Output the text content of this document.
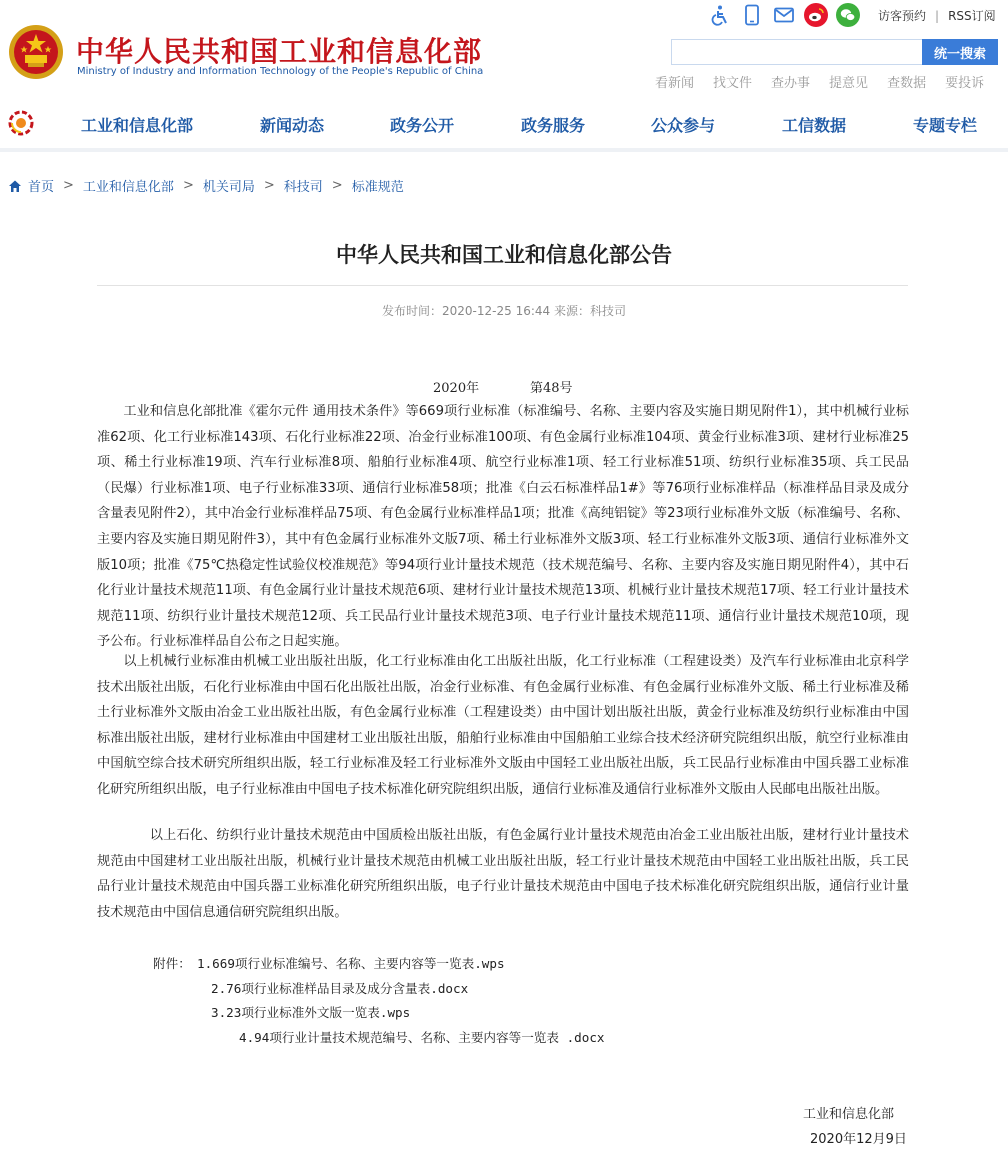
中华人民共和国工业和信息化部
Ministry of Industry and Information Technology of the People's Republic of China
访客预约 | RSS订阅
统一搜索
看新闻 找文件 查办事 提意见 查数据 要投诉
工业和信息化部	新闻动态	政务公开	政务服务	公众参与	工信数据	专题专栏
首页 > 工业和信息化部 > 机关司局 > 科技司 > 标准规范
中华人民共和国工业和信息化部公告
发布时间：2020-12-25 16:44 来源：科技司
2020年	第48号

工业和信息化部批准《霍尔元件 通用技术条件》等669项行业标准（标准编号、名称、主要内容及实施日期见附件1），其中机械行业标准62项、化工行业标准143项、石化行业标准22项、冶金行业标准100项、有色金属行业标准104项、黄金行业标准3项、建材行业标准25项、稀土行业标准19项、汽车行业标准8项、船舶行业标准4项、航空行业标准1项、轻工行业标准51项、纺织行业标准35项、兵工民品（民爆）行业标准1项、电子行业标准33项、通信行业标准58项；批准《白云石标准样品1#》等76项行业标准样品（标准样品目录及成分含量表见附件2），其中冶金行业标准样品75项、有色金属行业标准样品1项；批准《高纯铝锭》等23项行业标准外文版（标准编号、名称、主要内容及实施日期见附件3），其中有色金属行业标准外文版7项、稀土行业标准外文版3项、轻工行业标准外文版3项、通信行业标准外文版10项；批准《75℃热稳定性试验仪校准规范》等94项行业计量技术规范（技术规范编号、名称、主要内容及实施日期见附件4），其中石化行业计量技术规范11项、有色金属行业计量技术规范6项、建材行业计量技术规范13项、机械行业计量技术规范17项、轻工行业计量技术规范11项、纺织行业计量技术规范12项、兵工民品行业计量技术规范3项、电子行业计量技术规范11项、通信行业计量技术规范10项，现予公布。行业标准样品自公布之日起实施。

以上机械行业标准由机械工业出版社出版，化工行业标准由化工出版社出版，化工行业标准（工程建设类）及汽车行业标准由北京科学技术出版社出版，石化行业标准由中国石化出版社出版，冶金行业标准、有色金属行业标准、有色金属行业标准外文版、稀土行业标准及稀土行业标准外文版由冶金工业出版社出版，有色金属行业标准（工程建设类）由中国计划出版社出版，黄金行业标准及纺织行业标准由中国标准出版社出版，建材行业标准由中国建材工业出版社出版，船舶行业标准由中国船舶工业综合技术经济研究院组织出版，航空行业标准由中国航空综合技术研究所组织出版，轻工行业标准及轻工行业标准外文版由中国轻工业出版社出版，兵工民品行业标准由中国兵器工业标准化研究所组织出版，电子行业标准由中国电子技术标准化研究院组织出版，通信行业标准及通信行业标准外文版由人民邮电出版社出版。

以上石化、纺织行业计量技术规范由中国质检出版社出版，有色金属行业计量技术规范由冶金工业出版社出版，建材行业计量技术规范由中国建材工业出版社出版，机械行业计量技术规范由机械工业出版社出版，轻工行业计量技术规范由中国轻工业出版社出版，兵工民品行业计量技术规范由中国兵器工业标准化研究所组织出版，电子行业计量技术规范由中国电子技术标准化研究院组织出版，通信行业计量技术规范由中国信息通信研究院组织出版。

附件： 1.669项行业标准编号、名称、主要内容等一览表.wps
2.76项行业标准样品目录及成分含量表.docx
3.23项行业标准外文版一览表.wps
4.94项行业计量技术规范编号、名称、主要内容等一览表 .docx
工业和信息化部
2020年12月9日
